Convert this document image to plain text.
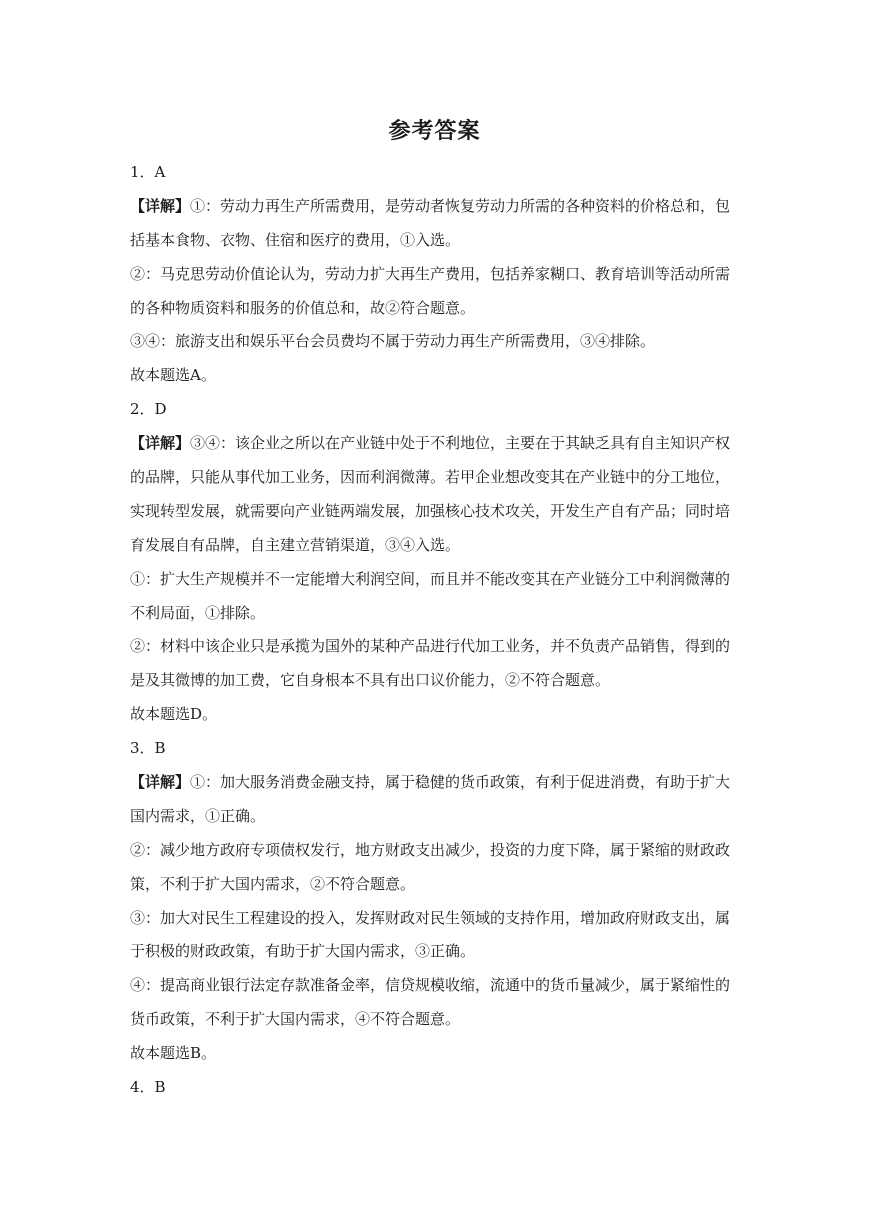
参考答案
1．A
【详解】①：劳动力再生产所需费用，是劳动者恢复劳动力所需的各种资料的价格总和，包
括基本食物、衣物、住宿和医疗的费用，①入选。
②：马克思劳动价值论认为，劳动力扩大再生产费用，包括养家糊口、教育培训等活动所需
的各种物质资料和服务的价值总和，故②符合题意。
③④：旅游支出和娱乐平台会员费均不属于劳动力再生产所需费用，③④排除。
故本题选A。
2．D
【详解】③④：该企业之所以在产业链中处于不利地位，主要在于其缺乏具有自主知识产权
的品牌，只能从事代加工业务，因而利润微薄。若甲企业想改变其在产业链中的分工地位，
实现转型发展，就需要向产业链两端发展，加强核心技术攻关，开发生产自有产品；同时培
育发展自有品牌，自主建立营销渠道，③④入选。
①：扩大生产规模并不一定能增大利润空间，而且并不能改变其在产业链分工中利润微薄的
不利局面，①排除。
②：材料中该企业只是承揽为国外的某种产品进行代加工业务，并不负责产品销售，得到的
是及其微博的加工费，它自身根本不具有出口议价能力，②不符合题意。
故本题选D。
3．B
【详解】①：加大服务消费金融支持，属于稳健的货币政策，有利于促进消费，有助于扩大
国内需求，①正确。
②：减少地方政府专项债权发行，地方财政支出减少，投资的力度下降，属于紧缩的财政政
策，不利于扩大国内需求，②不符合题意。
③：加大对民生工程建设的投入，发挥财政对民生领域的支持作用，增加政府财政支出，属
于积极的财政政策，有助于扩大国内需求，③正确。
④：提高商业银行法定存款准备金率，信贷规模收缩，流通中的货币量减少，属于紧缩性的
货币政策，不利于扩大国内需求，④不符合题意。
故本题选B。
4．B
